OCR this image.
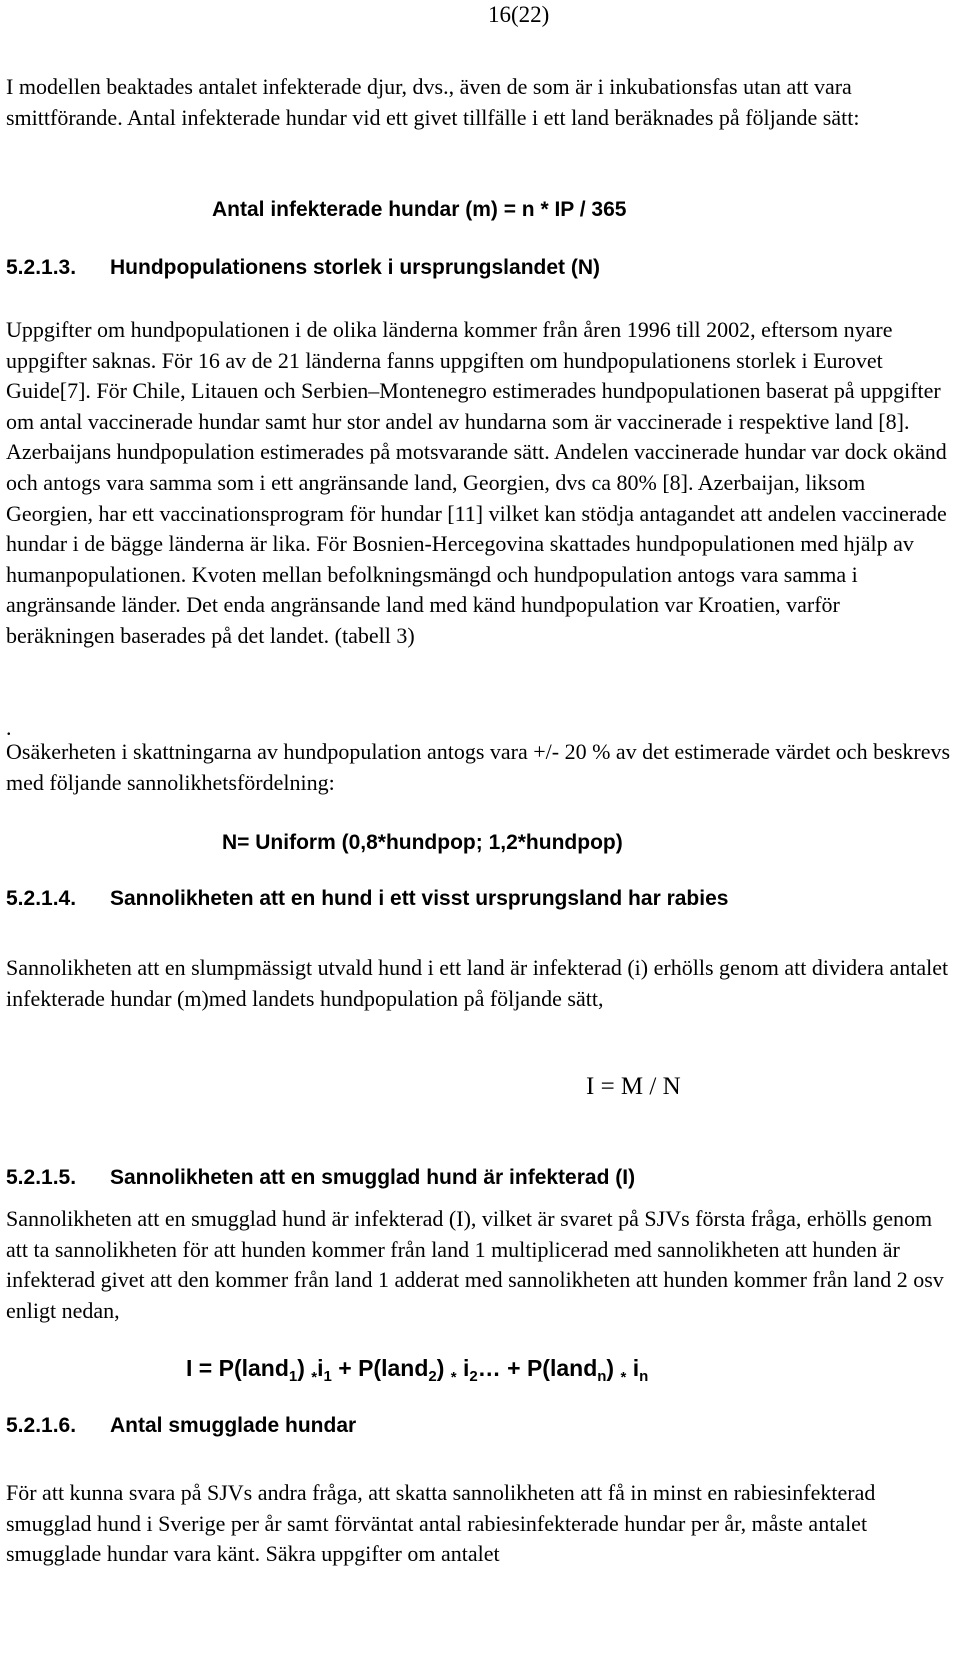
16(22)

I modellen beaktades antalet infekterade djur, dvs., även de som är i inkubationsfas utan att vara smittförande. Antal infekterade hundar vid ett givet tillfälle i ett land beräknades på följande sätt:

Antal infekterade hundar (m) = n * IP / 365
5.2.1.3. Hundpopulationens storlek i ursprungslandet (N)

Uppgifter om hundpopulationen i de olika länderna kommer från åren 1996 till 2002, eftersom nyare uppgifter saknas. För 16 av de 21 länderna fanns uppgiften om hundpopulationens storlek i Eurovet Guide[7]. För Chile, Litauen och Serbien–Montenegro estimerades hundpopulationen baserat på uppgifter om antal vaccinerade hundar samt hur stor andel av hundarna som är vaccinerade i respektive land [8]. Azerbaijans hundpopulation estimerades på motsvarande sätt. Andelen vaccinerade hundar var dock okänd och antogs vara samma som i ett angränsande land, Georgien, dvs ca 80% [8]. Azerbaijan, liksom Georgien, har ett vaccinationsprogram för hundar [11] vilket kan stödja antagandet att andelen vaccinerade hundar i de bägge länderna är lika. För Bosnien-Hercegovina skattades hundpopulationen med hjälp av humanpopulationen. Kvoten mellan befolkningsmängd och hundpopulation antogs vara samma i angränsande länder. Det enda angränsande land med känd hundpopulation var Kroatien, varför beräkningen baserades på det landet. (tabell 3)

.

Osäkerheten i skattningarna av hundpopulation antogs vara +/- 20 % av det estimerade värdet och beskrevs med följande sannolikhetsfördelning:

N= Uniform (0,8*hundpop; 1,2*hundpop)
5.2.1.4. Sannolikheten att en hund i ett visst ursprungsland har rabies

Sannolikheten att en slumpmässigt utvald hund i ett land är infekterad (i) erhölls genom att dividera antalet infekterade hundar (m)med landets hundpopulation på följande sätt,

I = M / N
5.2.1.5. Sannolikheten att en smugglad hund är infekterad (I)

Sannolikheten att en smugglad hund är infekterad (I), vilket är svaret på SJVs första fråga, erhölls genom att ta sannolikheten för att hunden kommer från land 1 multiplicerad med sannolikheten att hunden är infekterad givet att den kommer från land 1 adderat med sannolikheten att hunden kommer från land 2 osv enligt nedan,

I = P(land$_1$) $_*i_1$ + P(land$_2$) $_*$ $i_2\dots$ + P(land$_n$) $_*$ $i_n$
5.2.1.6. Antal smugglade hundar

För att kunna svara på SJVs andra fråga, att skatta sannolikheten att få in minst en rabiesinfekterad smugglad hund i Sverige per år samt förväntat antal rabiesinfekterade hundar per år, måste antalet smugglade hundar vara känt. Säkra uppgifter om antalet
